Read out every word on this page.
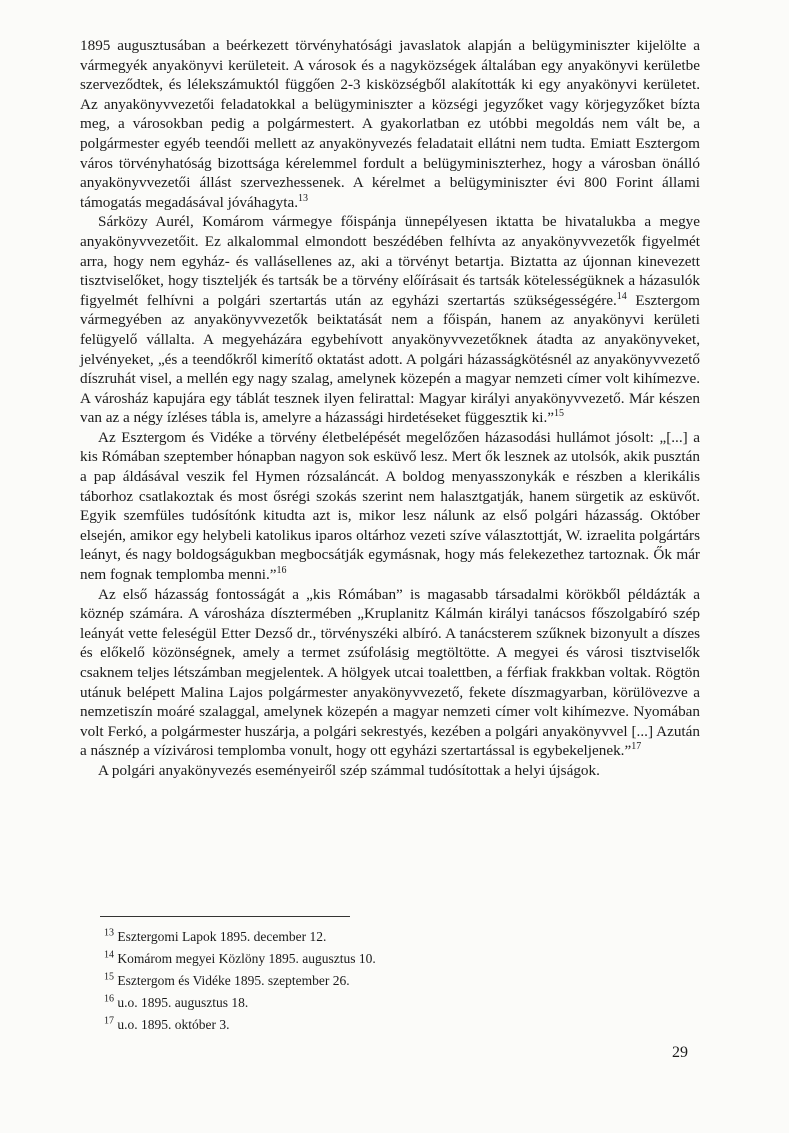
1895 augusztusában a beérkezett törvényhatósági javaslatok alapján a belügyminiszter kijelölte a vármegyék anyakönyvi kerületeit. A városok és a nagyközségek általában egy anyakönyvi kerületbe szerveződtek, és lélekszámuktól függően 2-3 kisközségből alakították ki egy anyakönyvi kerületet. Az anyakönyvvezetői feladatokkal a belügyminiszter a községi jegyzőket vagy körjegyzőket bízta meg, a városokban pedig a polgármestert. A gyakorlatban ez utóbbi megoldás nem vált be, a polgármester egyéb teendői mellett az anyakönyvezés feladatait ellátni nem tudta. Emiatt Esztergom város törvényhatóság bizottsága kérelemmel fordult a belügyminiszterhez, hogy a városban önálló anyakönyvvezetői állást szervezhessenek. A kérelmet a belügyminiszter évi 800 Forint állami támogatás megadásával jóváhagyta.$^{13}$

Sárközy Aurél, Komárom vármegye főispánja ünnepélyesen iktatta be hivatalukba a megye anyakönyvvezetőit. Ez alkalommal elmondott beszédében felhívta az anyakönyvvezetők figyelmét arra, hogy nem egyház- és vallásellenes az, aki a törvényt betartja. Biztatta az újonnan kinevezett tisztviselőket, hogy tiszteljék és tartsák be a törvény előírásait és tartsák kötelességüknek a házasulók figyelmét felhívni a polgári szertartás után az egyházi szertartás szükségességére.$^{14}$ Esztergom vármegyében az anyakönyvvezetők beiktatását nem a főispán, hanem az anyakönyvi kerületi felügyelő vállalta. A megyeházára egybehívott anyakönyvvezetőknek átadta az anyakönyveket, jelvényeket, „és a teendőkről kimerítő oktatást adott. A polgári házasságkötésnél az anyakönyvvezető díszruhát visel, a mellén egy nagy szalag, amelynek közepén a magyar nemzeti címer volt kihímezve. A városház kapujára egy táblát tesznek ilyen felirattal: Magyar királyi anyakönyvvezető. Már készen van az a négy ízléses tábla is, amelyre a házassági hirdetéseket függesztik ki.”$^{15}$

Az Esztergom és Vidéke a törvény életbelépését megelőzően házasodási hullámot jósolt: „[...] a kis Rómában szeptember hónapban nagyon sok esküvő lesz. Mert ők lesznek az utolsók, akik pusztán a pap áldásával veszik fel Hymen rózsaláncát. A boldog menyasszonykák e részben a klerikális táborhoz csatlakoztak és most ősrégi szokás szerint nem halasztgatják, hanem sürgetik az esküvőt. Egyik szemfüles tudósítónk kitudta azt is, mikor lesz nálunk az első polgári házasság. Október elsején, amikor egy helybeli katolikus iparos oltárhoz vezeti szíve választottját, W. izraelita polgártárs leányt, és nagy boldogságukban megbocsátják egymásnak, hogy más felekezethez tartoznak. Ők már nem fognak templomba menni.”$^{16}$

Az első házasság fontosságát a „kis Rómában” is magasabb társadalmi körökből példázták a köznép számára. A városháza dísztermében „Kruplanitz Kálmán királyi tanácsos főszolgabíró szép leányát vette feleségül Etter Dezső dr., törvényszéki albíró. A tanácsterem szűknek bizonyult a díszes és előkelő közönségnek, amely a termet zsúfolásig megtöltötte. A megyei és városi tisztviselők csaknem teljes létszámban megjelentek. A hölgyek utcai toalettben, a férfiak frakkban voltak. Rögtön utánuk belépett Malina Lajos polgármester anyakönyvvezető, fekete díszmagyarban, körülövezve a nemzetiszín moáré szalaggal, amelynek közepén a magyar nemzeti címer volt kihímezve. Nyomában volt Ferkó, a polgármester huszárja, a polgári sekrestyés, kezében a polgári anyakönyvvel [...] Azután a násznép a vízivárosi templomba vonult, hogy ott egyházi szertartással is egybekeljenek.”$^{17}$

A polgári anyakönyvezés eseményeiről szép számmal tudósítottak a helyi újságok.

$^{13}$ Esztergomi Lapok 1895. december 12.

$^{14}$ Komárom megyei Közlöny 1895. augusztus 10.

$^{15}$ Esztergom és Vidéke 1895. szeptember 26.

$^{16}$ u.o. 1895. augusztus 18.

$^{17}$ u.o. 1895. október 3.

29
